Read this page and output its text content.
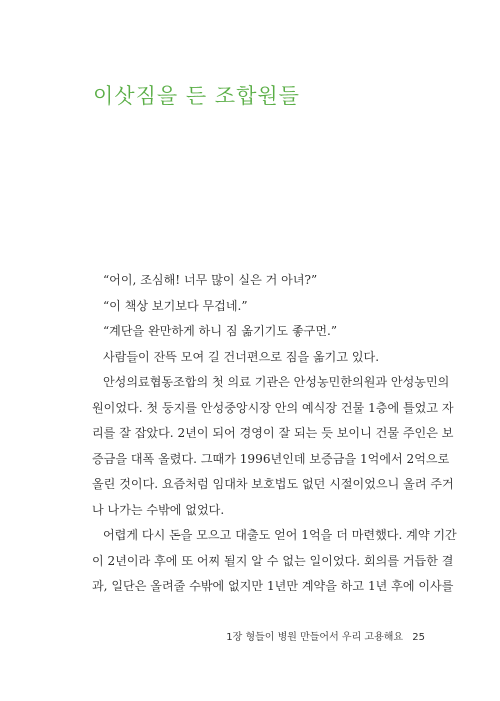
이삿짐을 든 조합원들

“어이, 조심해! 너무 많이 실은 거 아녀?”

“이 책상 보기보다 무겁네.”

“계단을 완만하게 하니 짐 옮기기도 좋구먼.”

사람들이 잔뜩 모여 길 건너편으로 짐을 옮기고 있다.

안성의료협동조합의 첫 의료 기관은 안성농민한의원과 안성농민의

원이었다. 첫 둥지를 안성중앙시장 안의 예식장 건물 1층에 틀었고 자

리를 잘 잡았다. 2년이 되어 경영이 잘 되는 듯 보이니 건물 주인은 보

증금을 대폭 올렸다. 그때가 1996년인데 보증금을 1억에서 2억으로

올린 것이다. 요즘처럼 임대차 보호법도 없던 시절이었으니 올려 주거

나 나가는 수밖에 없었다.

어렵게 다시 돈을 모으고 대출도 얻어 1억을 더 마련했다. 계약 기간

이 2년이라 후에 또 어찌 될지 알 수 없는 일이었다. 회의를 거듭한 결

과, 일단은 올려줄 수밖에 없지만 1년만 계약을 하고 1년 후에 이사를

1장 형들이 병원 만들어서 우리 고용해요 25
